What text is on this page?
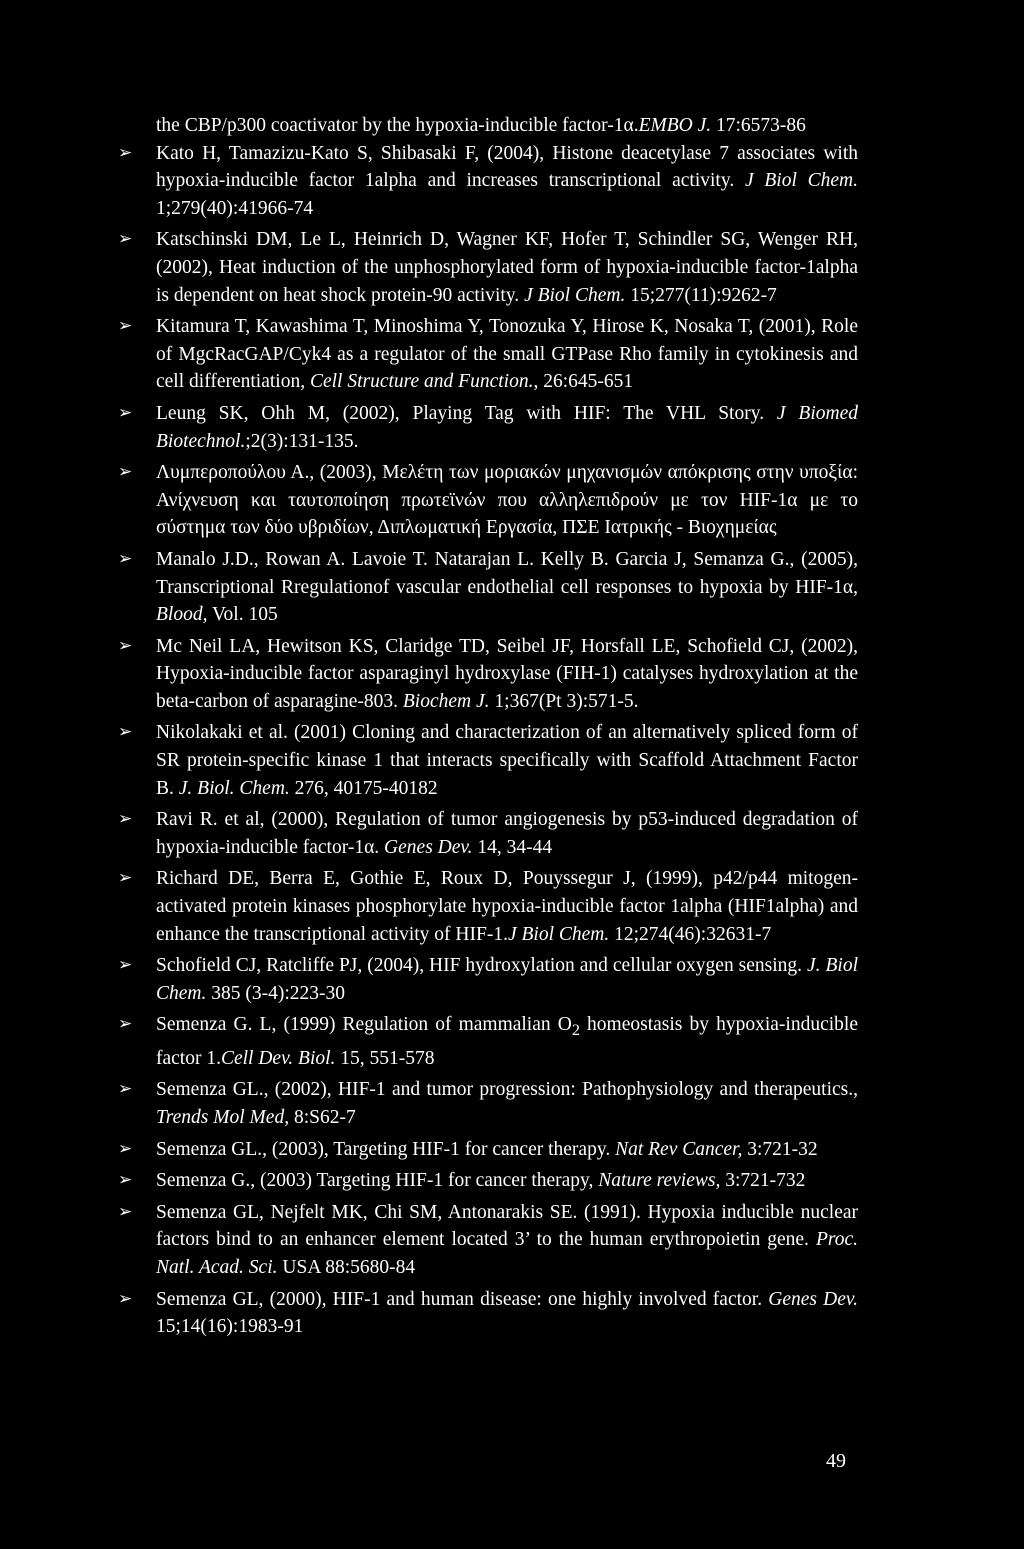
the CBP/p300 coactivator by the hypoxia-inducible factor-1α.EMBO J. 17:6573-86
➢	Kato H, Tamazizu-Kato S, Shibasaki F, (2004), Histone deacetylase 7 associates with hypoxia-inducible factor 1alpha and increases transcriptional activity. J Biol Chem. 1;279(40):41966-74
➢	Katschinski DM, Le L, Heinrich D, Wagner KF, Hofer T, Schindler SG, Wenger RH, (2002), Heat induction of the unphosphorylated form of hypoxia-inducible factor-1alpha is dependent on heat shock protein-90 activity. J Biol Chem. 15;277(11):9262-7
➢	Kitamura T, Kawashima T, Minoshima Y, Tonozuka Y, Hirose K, Nosaka T, (2001), Role of MgcRacGAP/Cyk4 as a regulator of the small GTPase Rho family in cytokinesis and cell differentiation, Cell Structure and Function., 26:645-651
➢	Leung SK, Ohh M, (2002), Playing Tag with HIF: The VHL Story. J Biomed Biotechnol.;2(3):131-135.
➢	Λυμπεροπούλου Α., (2003), Μελέτη των μοριακών μηχανισμών απόκρισης στην υποξία: Ανίχνευση και ταυτοποίηση πρωτεϊνών που αλληλεπιδρούν με τον HIF-1α με το σύστημα των δύο υβριδίων, Διπλωματική Εργασία, ΠΣΕ Ιατρικής - Βιοχημείας
➢	Manalo J.D., Rowan A. Lavoie T. Natarajan L. Kelly B. Garcia J, Semanza G., (2005), Transcriptional Rregulationof vascular endothelial cell responses to hypoxia by HIF-1α, Blood, Vol. 105
➢	Mc Neil LA, Hewitson KS, Claridge TD, Seibel JF, Horsfall LE, Schofield CJ, (2002), Hypoxia-inducible factor asparaginyl hydroxylase (FIH-1) catalyses hydroxylation at the beta-carbon of asparagine-803. Biochem J. 1;367(Pt 3):571-5.
➢	Nikolakaki et al. (2001) Cloning and characterization of an alternatively spliced form of SR protein-specific kinase 1 that interacts specifically with Scaffold Attachment Factor B. J. Biol. Chem. 276, 40175-40182
➢	Ravi R. et al, (2000), Regulation of tumor angiogenesis by p53-induced degradation of hypoxia-inducible factor-1α. Genes Dev. 14, 34-44
➢	Richard DE, Berra E, Gothie E, Roux D, Pouyssegur J, (1999), p42/p44 mitogen-activated protein kinases phosphorylate hypoxia-inducible factor 1alpha (HIF1alpha) and enhance the transcriptional activity of HIF-1.J Biol Chem. 12;274(46):32631-7
➢	Schofield CJ, Ratcliffe PJ, (2004), HIF hydroxylation and cellular oxygen sensing. J. Biol Chem. 385 (3-4):223-30
➢	Semenza G. L, (1999) Regulation of mammalian $O_2$ homeostasis by hypoxia-inducible factor 1.Cell Dev. Biol. 15, 551-578
➢	Semenza GL., (2002), HIF-1 and tumor progression: Pathophysiology and therapeutics., Trends Mol Med, 8:S62-7
➢	Semenza GL., (2003), Targeting HIF-1 for cancer therapy. Nat Rev Cancer, 3:721-32
➢	Semenza G., (2003) Targeting HIF-1 for cancer therapy, Nature reviews, 3:721-732
➢	Semenza GL, Nejfelt MK, Chi SM, Antonarakis SE. (1991). Hypoxia inducible nuclear factors bind to an enhancer element located 3’ to the human erythropoietin gene. Proc. Natl. Acad. Sci. USA 88:5680-84
➢	Semenza GL, (2000), HIF-1 and human disease: one highly involved factor. Genes Dev. 15;14(16):1983-91
49
